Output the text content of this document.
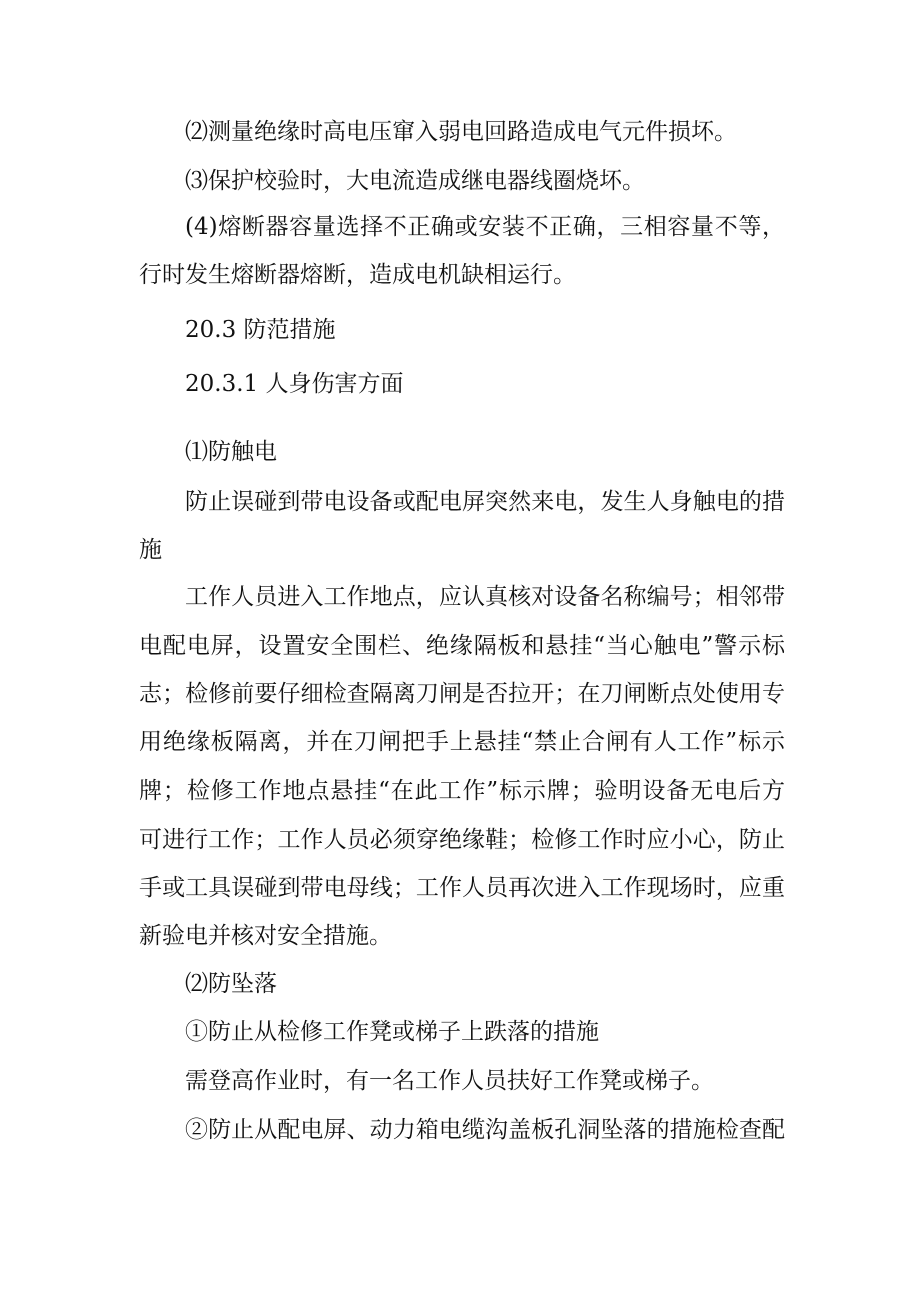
⑵测量绝缘时高电压窜入弱电回路造成电气元件损坏。

⑶保护校验时，大电流造成继电器线圈烧坏。

(4)熔断器容量选择不正确或安装不正确，三相容量不等，

行时发生熔断器熔断，造成电机缺相运行。

20.3 防范措施

20.3.1 人身伤害方面

⑴防触电

防止误碰到带电设备或配电屏突然来电，发生人身触电的措

施

工作人员进入工作地点，应认真核对设备名称编号；相邻带

电配电屏，设置安全围栏、绝缘隔板和悬挂“当心触电”警示标

志；检修前要仔细检查隔离刀闸是否拉开；在刀闸断点处使用专

用绝缘板隔离，并在刀闸把手上悬挂“禁止合闸有人工作”标示

牌；检修工作地点悬挂“在此工作”标示牌；验明设备无电后方

可进行工作；工作人员必须穿绝缘鞋；检修工作时应小心，防止

手或工具误碰到带电母线；工作人员再次进入工作现场时，应重

新验电并核对安全措施。

⑵防坠落

①防止从检修工作凳或梯子上跌落的措施

需登高作业时，有一名工作人员扶好工作凳或梯子。

②防止从配电屏、动力箱电缆沟盖板孔洞坠落的措施检查配
